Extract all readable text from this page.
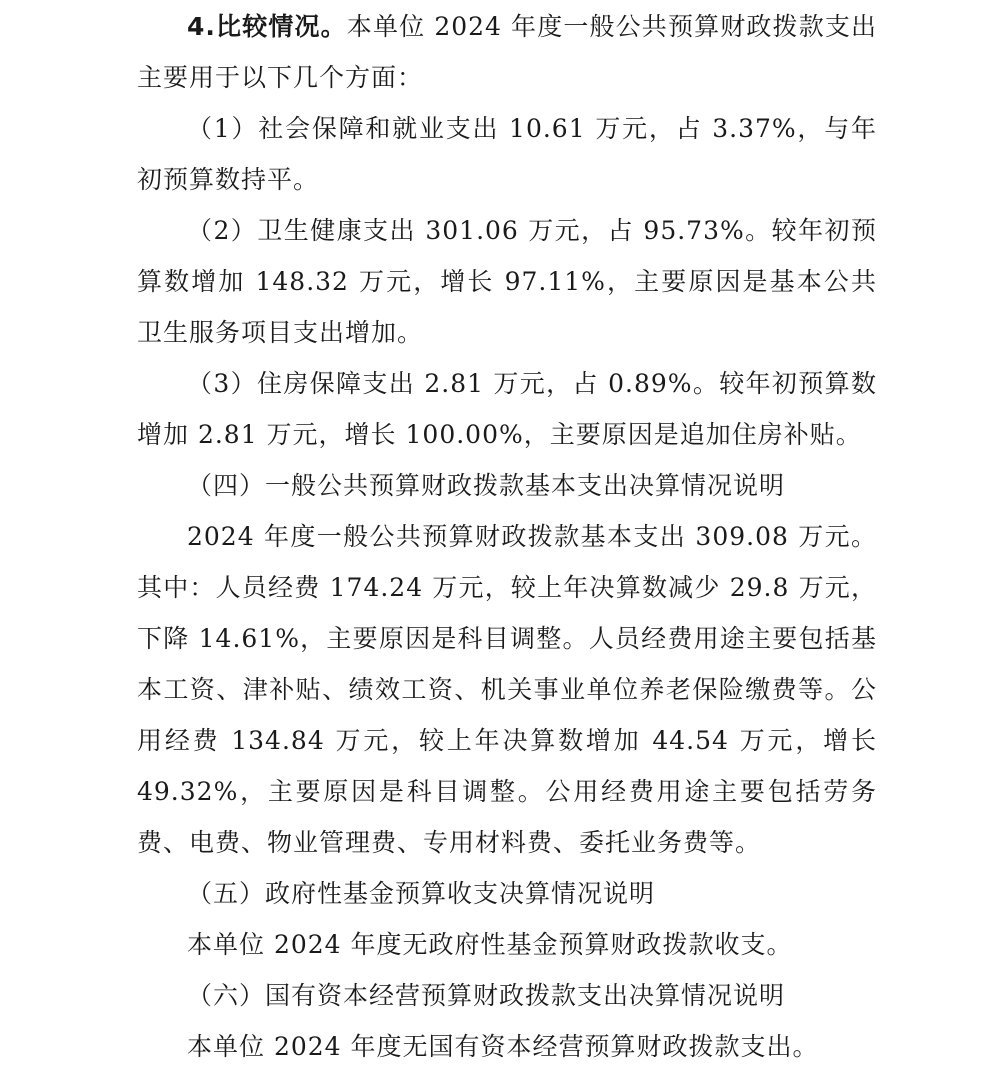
4.比较情况。本单位 2024 年度一般公共预算财政拨款支出主要用于以下几个方面：

（1）社会保障和就业支出 10.61 万元，占 3.37%，与年初预算数持平。

（2）卫生健康支出 301.06 万元，占 95.73%。较年初预算数增加 148.32 万元，增长 97.11%，主要原因是基本公共卫生服务项目支出增加。

（3）住房保障支出 2.81 万元，占 0.89%。较年初预算数增加 2.81 万元，增长 100.00%，主要原因是追加住房补贴。

（四）一般公共预算财政拨款基本支出决算情况说明

2024 年度一般公共预算财政拨款基本支出 309.08 万元。其中：人员经费 174.24 万元，较上年决算数减少 29.8 万元，下降 14.61%，主要原因是科目调整。人员经费用途主要包括基本工资、津补贴、绩效工资、机关事业单位养老保险缴费等。公用经费 134.84 万元，较上年决算数增加 44.54 万元，增长 49.32%，主要原因是科目调整。公用经费用途主要包括劳务费、电费、物业管理费、专用材料费、委托业务费等。

（五）政府性基金预算收支决算情况说明

本单位 2024 年度无政府性基金预算财政拨款收支。

（六）国有资本经营预算财政拨款支出决算情况说明

本单位 2024 年度无国有资本经营预算财政拨款支出。
